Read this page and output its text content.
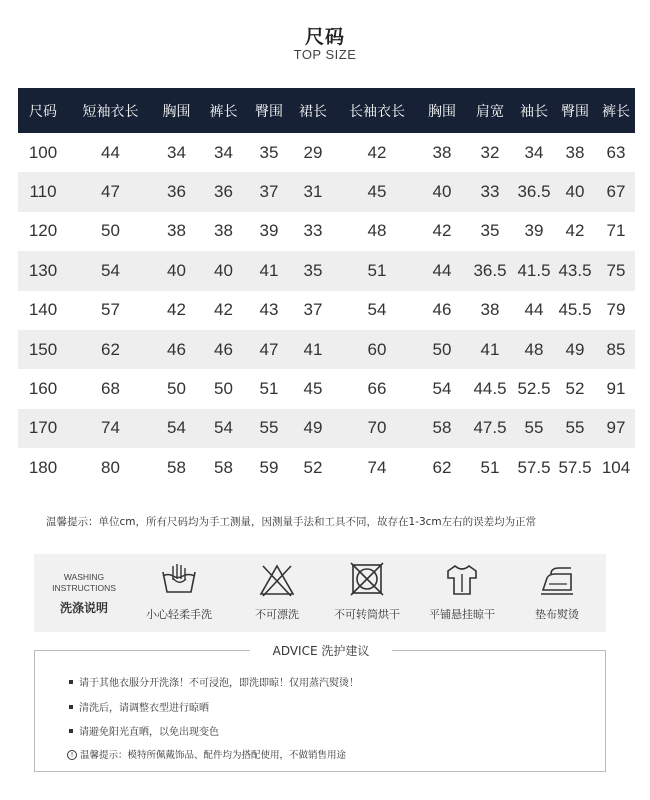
尺码
TOP SIZE
尺码	短袖衣长	胸围	裤长	臀围	裙长	长袖衣长	胸围	肩宽	袖长	臀围	裤长
100	44	34	34	35	29	42	38	32	34	38	63
110	47	36	36	37	31	45	40	33	36.5	40	67
120	50	38	38	39	33	48	42	35	39	42	71
130	54	40	40	41	35	51	44	36.5	41.5	43.5	75
140	57	42	42	43	37	54	46	38	44	45.5	79
150	62	46	46	47	41	60	50	41	48	49	85
160	68	50	50	51	45	66	54	44.5	52.5	52	91
170	74	54	54	55	49	70	58	47.5	55	55	97
180	80	58	58	59	52	74	62	51	57.5	57.5	104
温馨提示：单位cm，所有尺码均为手工测量，因测量手法和工具不同，故存在1-3cm左右的误差均为正常
WASHING
INSTRUCTIONS
洗涤说明	小心轻柔手洗	不可漂洗	不可转筒烘干	平铺悬挂晾干	垫布熨烫
ADVICE 洗护建议
请于其他衣服分开洗涤！不可浸泡，即洗即晾！仅用蒸汽熨烫！
清洗后，请调整衣型进行晾晒
请避免阳光直晒，以免出现变色
! 温馨提示：模特所佩戴饰品、配件均为搭配使用，不做销售用途
